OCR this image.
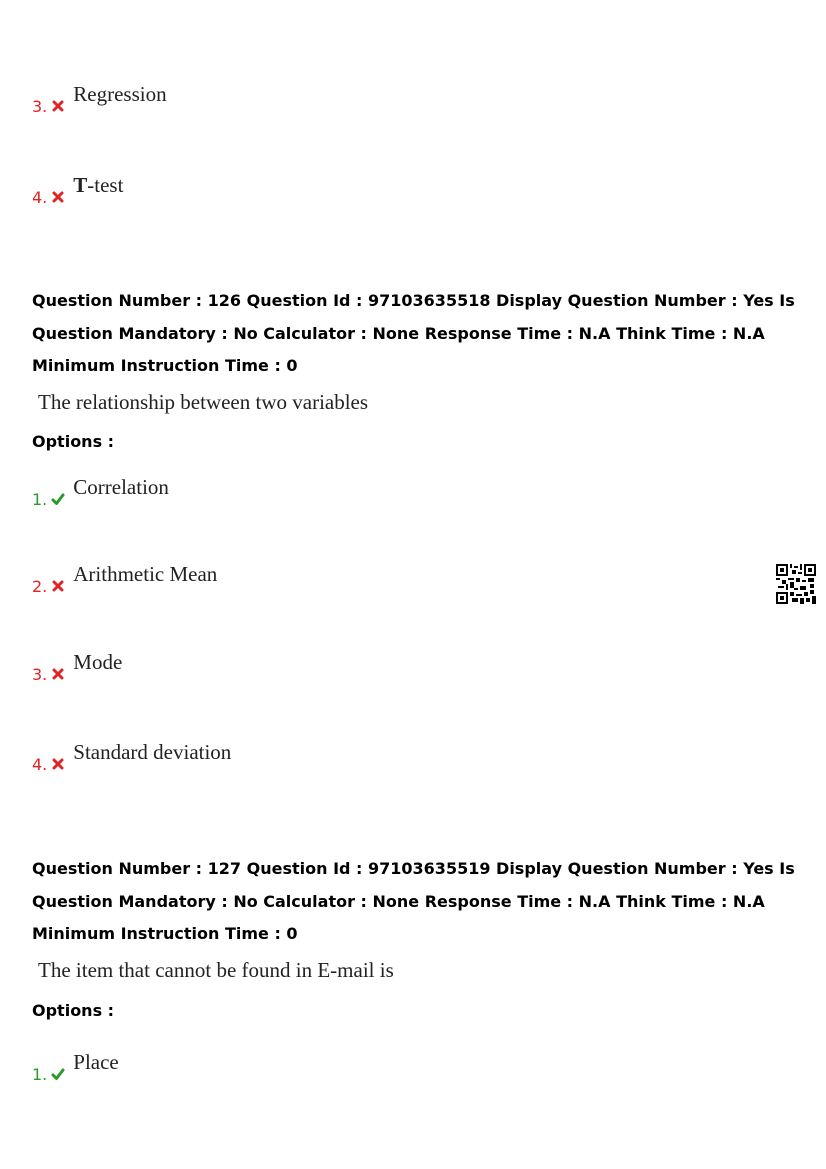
3.
Regression
4.
T-test
Question Number : 126 Question Id : 97103635518 Display Question Number : Yes Is Question Mandatory : No Calculator : None Response Time : N.A Think Time : N.A Minimum Instruction Time : 0
The relationship between two variables
Options :
1.
Correlation
2.
Arithmetic Mean
3.
Mode
4.
Standard deviation
Question Number : 127 Question Id : 97103635519 Display Question Number : Yes Is Question Mandatory : No Calculator : None Response Time : N.A Think Time : N.A Minimum Instruction Time : 0
The item that cannot be found in E-mail is
Options :
1.
Place
